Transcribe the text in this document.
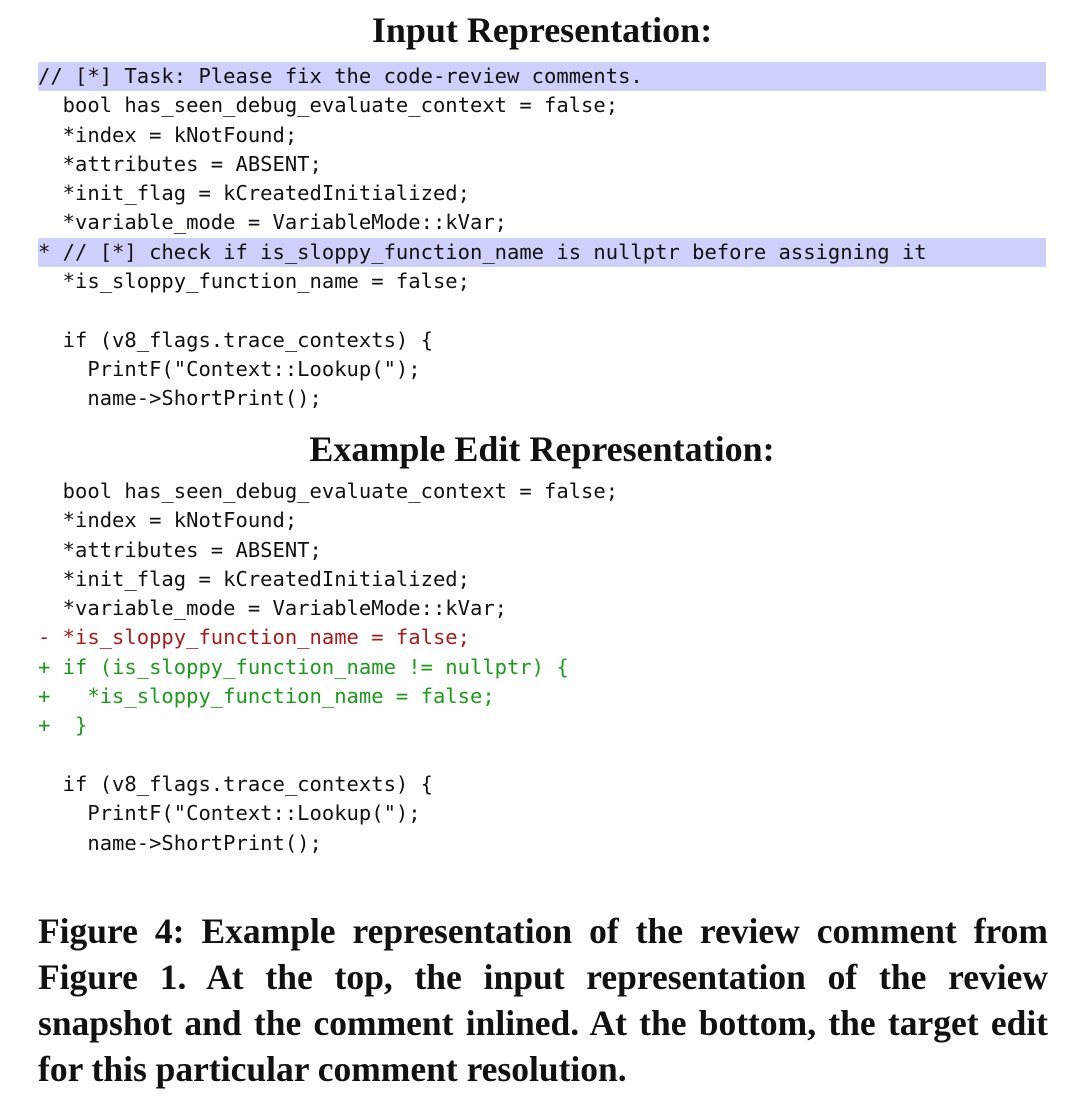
Input Representation:
// [*] Task: Please fix the code-review comments.
bool has_seen_debug_evaluate_context = false;
*index = kNotFound;
*attributes = ABSENT;
*init_flag = kCreatedInitialized;
*variable_mode = VariableMode::kVar;
* // [*] check if is_sloppy_function_name is nullptr before assigning it
*is_sloppy_function_name = false;
if (v8_flags.trace_contexts) {
PrintF("Context::Lookup(");
name->ShortPrint();
Example Edit Representation:
bool has_seen_debug_evaluate_context = false;
*index = kNotFound;
*attributes = ABSENT;
*init_flag = kCreatedInitialized;
*variable_mode = VariableMode::kVar;
- *is_sloppy_function_name = false;
+ if (is_sloppy_function_name != nullptr) {
+   *is_sloppy_function_name = false;
+  }
if (v8_flags.trace_contexts) {
PrintF("Context::Lookup(");
name->ShortPrint();

Figure 4: Example representation of the review comment from Figure 1. At the top, the input representation of the review snapshot and the comment inlined. At the bottom, the target edit for this particular comment resolution.
